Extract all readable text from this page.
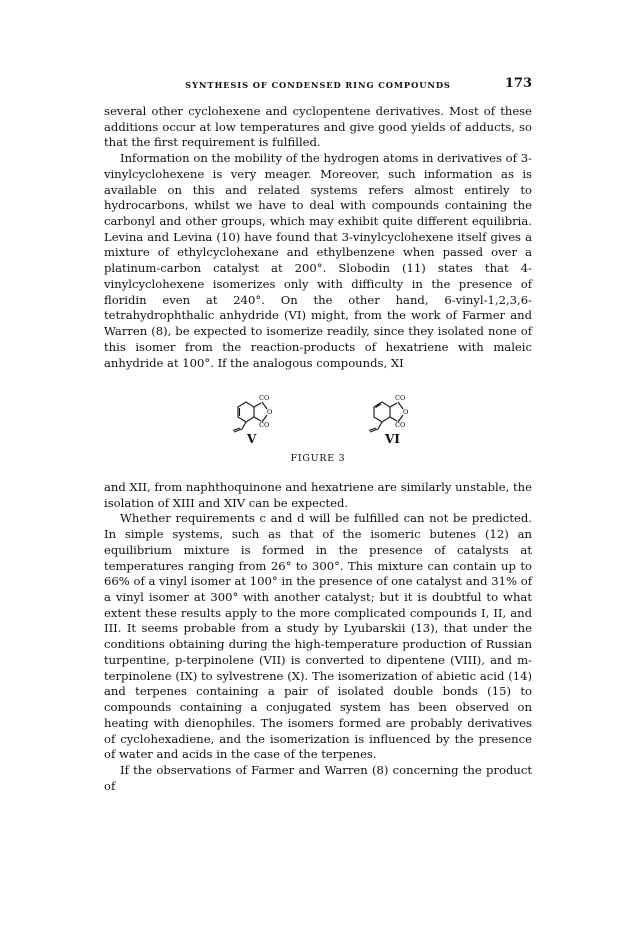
SYNTHESIS OF CONDENSED RING COMPOUNDS	173

several other cyclohexene and cyclopentene derivatives. Most of these additions occur at low temperatures and give good yields of adducts, so that the first requirement is fulfilled.

Information on the mobility of the hydrogen atoms in derivatives of 3-vinylcyclohexene is very meager. Moreover, such information as is available on this and related systems refers almost entirely to hydrocarbons, whilst we have to deal with compounds containing the carbonyl and other groups, which may exhibit quite different equilibria. Levina and Levina (10) have found that 3-vinylcyclohexene itself gives a mixture of ethylcyclohexane and ethylbenzene when passed over a platinum-carbon catalyst at 200°. Slobodin (11) states that 4-vinylcyclohexene isomerizes only with difficulty in the presence of floridin even at 240°. On the other hand, 6-vinyl-1,2,3,6-tetrahydrophthalic anhydride (VI) might, from the work of Farmer and Warren (8), be expected to isomerize readily, since they isolated none of this isomer from the reaction-products of hexatriene with maleic anhydride at 100°. If the analogous compounds, XI

CO
O
CO
V
CO
O
CO
VI
FIGURE 3

and XII, from naphthoquinone and hexatriene are similarly unstable, the isolation of XIII and XIV can be expected.

Whether requirements c and d will be fulfilled can not be predicted. In simple systems, such as that of the isomeric butenes (12) an equilibrium mixture is formed in the presence of catalysts at temperatures ranging from 26° to 300°. This mixture can contain up to 66% of a vinyl isomer at 100° in the presence of one catalyst and 31% of a vinyl isomer at 300° with another catalyst; but it is doubtful to what extent these results apply to the more complicated compounds I, II, and III. It seems probable from a study by Lyubarskii (13), that under the conditions obtaining during the high-temperature production of Russian turpentine, p-terpinolene (VII) is converted to dipentene (VIII), and m-terpinolene (IX) to sylvestrene (X). The isomerization of abietic acid (14) and terpenes containing a pair of isolated double bonds (15) to compounds containing a conjugated system has been observed on heating with dienophiles. The isomers formed are probably derivatives of cyclohexadiene, and the isomerization is influenced by the presence of water and acids in the case of the terpenes.

If the observations of Farmer and Warren (8) concerning the product of
